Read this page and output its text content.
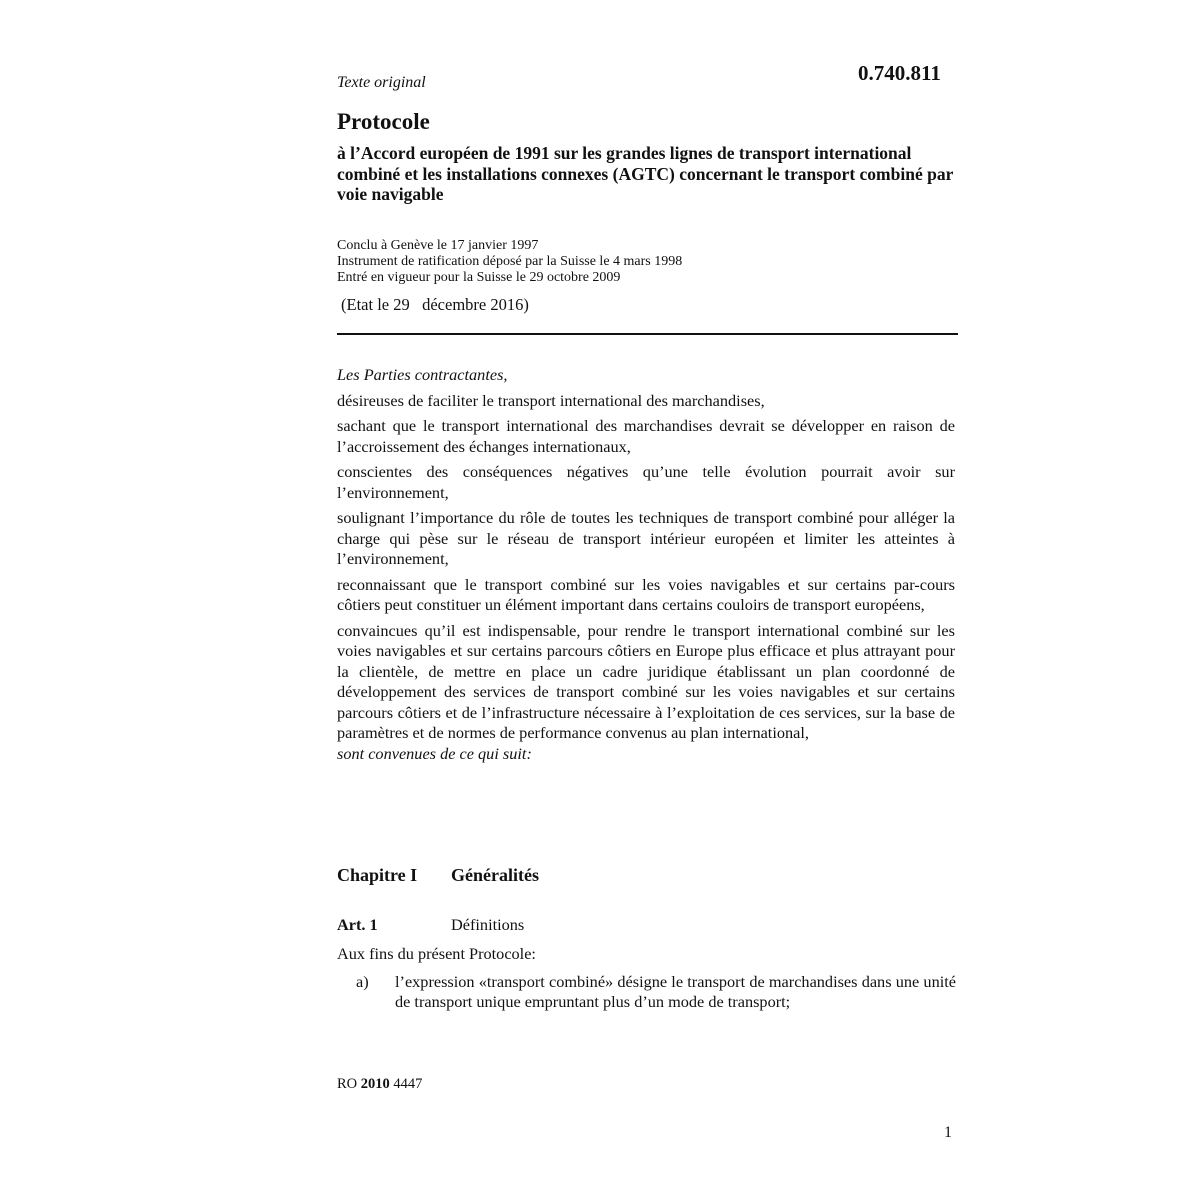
Texte original	0.740.811
Protocole
à l’Accord européen de 1991 sur les grandes lignes de transport international combiné et les installations connexes (AGTC) concernant le transport combiné par voie navigable
Conclu à Genève le 17 janvier 1997
Instrument de ratification déposé par la Suisse le 4 mars 1998
Entré en vigueur pour la Suisse le 29 octobre 2009
(Etat le 29   décembre 2016)

Les Parties contractantes,

désireuses de faciliter le transport international des marchandises,

sachant que le transport international des marchandises devrait se développer en raison de l’accroissement des échanges internationaux,

conscientes des conséquences négatives qu’une telle évolution pourrait avoir sur l’environnement,

soulignant l’importance du rôle de toutes les techniques de transport combiné pour alléger la charge qui pèse sur le réseau de transport intérieur européen et limiter les atteintes à l’environnement,

reconnaissant que le transport combiné sur les voies navigables et sur certains par-cours côtiers peut constituer un élément important dans certains couloirs de transport européens,

convaincues qu’il est indispensable, pour rendre le transport international combiné sur les voies navigables et sur certains parcours côtiers en Europe plus efficace et plus attrayant pour la clientèle, de mettre en place un cadre juridique établissant un plan coordonné de développement des services de transport combiné sur les voies navigables et sur certains parcours côtiers et de l’infrastructure nécessaire à l’exploitation de ces services, sur la base de paramètres et de normes de performance convenus au plan international,

sont convenues de ce qui suit:

Chapitre I Généralités
Art. 1	Définitions
Aux fins du présent Protocole:
a) l’expression «transport combiné» désigne le transport de marchandises dans une unité de transport unique empruntant plus d’un mode de transport;
RO 2010 4447
1
